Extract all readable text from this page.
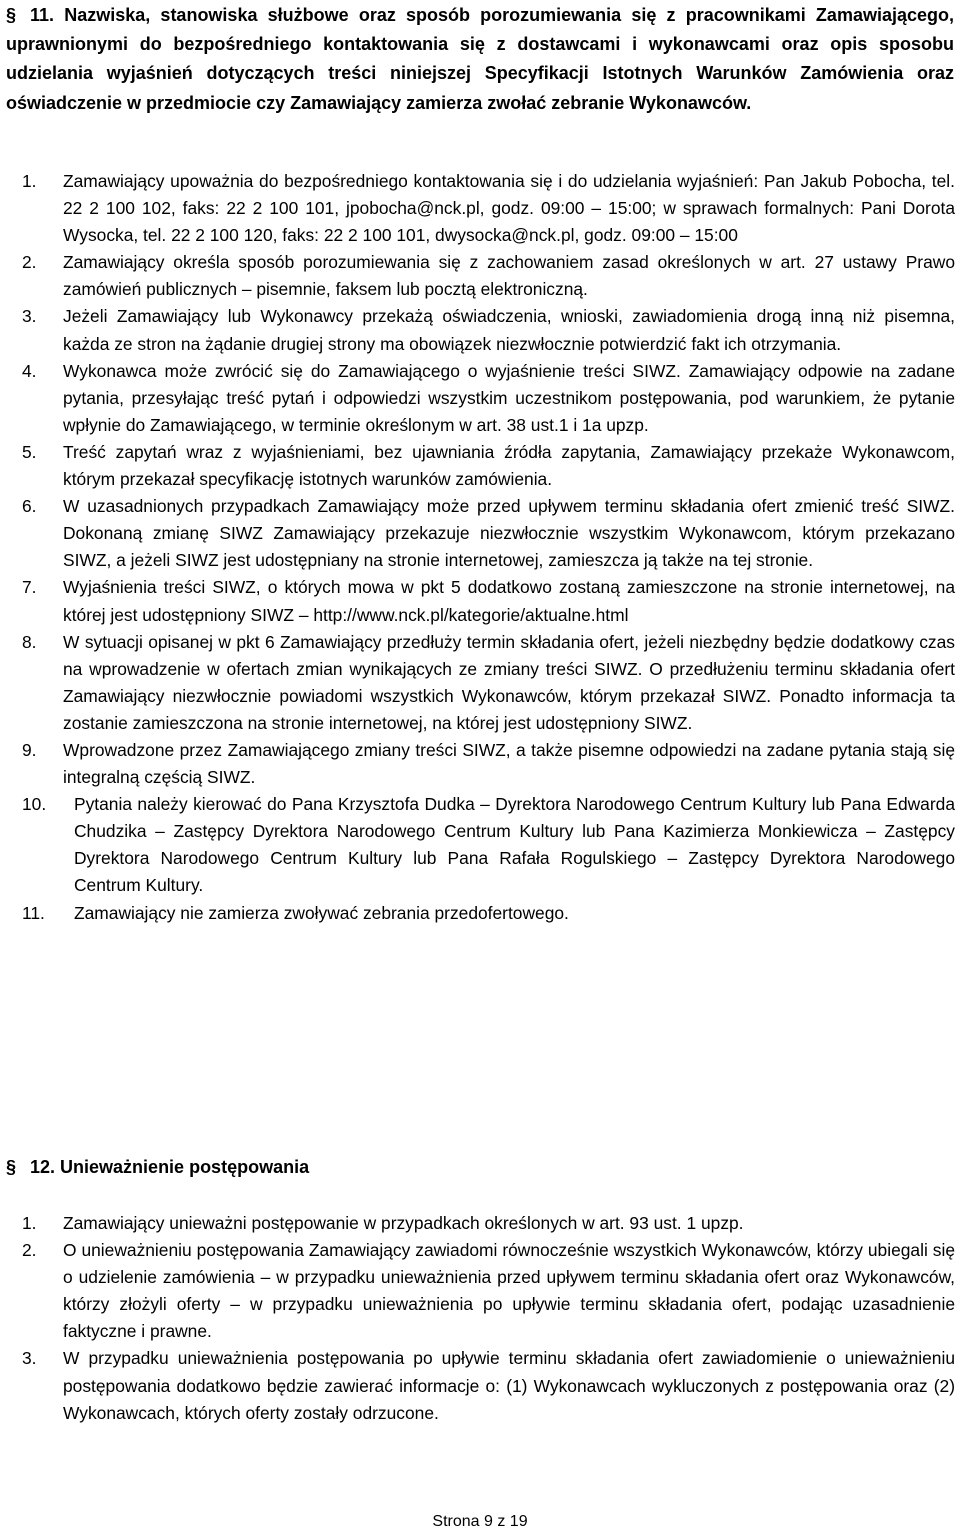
§ 11. Nazwiska, stanowiska służbowe oraz sposób porozumiewania się z pracownikami Zamawiającego, uprawnionymi do bezpośredniego kontaktowania się z dostawcami i wykonawcami oraz opis sposobu udzielania wyjaśnień dotyczących treści niniejszej Specyfikacji Istotnych Warunków Zamówienia oraz oświadczenie w przedmiocie czy Zamawiający zamierza zwołać zebranie Wykonawców.
1.	Zamawiający upoważnia do bezpośredniego kontaktowania się i do udzielania wyjaśnień: Pan Jakub Pobocha, tel. 22 2 100 102, faks: 22 2 100 101, jpobocha@nck.pl, godz. 09:00 – 15:00; w sprawach formalnych: Pani Dorota Wysocka, tel. 22 2 100 120, faks: 22 2 100 101, dwysocka@nck.pl, godz. 09:00 – 15:00
2.	Zamawiający określa sposób porozumiewania się z zachowaniem zasad określonych w art. 27 ustawy Prawo zamówień publicznych – pisemnie, faksem lub pocztą elektroniczną.
3.	Jeżeli Zamawiający lub Wykonawcy przekażą oświadczenia, wnioski, zawiadomienia drogą inną niż pisemna, każda ze stron na żądanie drugiej strony ma obowiązek niezwłocznie potwierdzić fakt ich otrzymania.
4.	Wykonawca może zwrócić się do Zamawiającego o wyjaśnienie treści SIWZ. Zamawiający odpowie na zadane pytania, przesyłając treść pytań i odpowiedzi wszystkim uczestnikom postępowania, pod warunkiem, że pytanie wpłynie do Zamawiającego, w terminie określonym w art. 38 ust.1 i 1a upzp.
5.	Treść zapytań wraz z wyjaśnieniami, bez ujawniania źródła zapytania, Zamawiający przekaże Wykonawcom, którym przekazał specyfikację istotnych warunków zamówienia.
6.	W uzasadnionych przypadkach Zamawiający może przed upływem terminu składania ofert zmienić treść SIWZ. Dokonaną zmianę SIWZ Zamawiający przekazuje niezwłocznie wszystkim Wykonawcom, którym przekazano SIWZ, a jeżeli SIWZ jest udostępniany na stronie internetowej, zamieszcza ją także na tej stronie.
7.	Wyjaśnienia treści SIWZ, o których mowa w pkt 5 dodatkowo zostaną zamieszczone na stronie internetowej, na której jest udostępniony SIWZ – http://www.nck.pl/kategorie/aktualne.html
8.	W sytuacji opisanej w pkt 6 Zamawiający przedłuży termin składania ofert, jeżeli niezbędny będzie dodatkowy czas na wprowadzenie w ofertach zmian wynikających ze zmiany treści SIWZ. O przedłużeniu terminu składania ofert Zamawiający niezwłocznie powiadomi wszystkich Wykonawców, którym przekazał SIWZ. Ponadto informacja ta zostanie zamieszczona na stronie internetowej, na której jest udostępniony SIWZ.
9.	Wprowadzone przez Zamawiającego zmiany treści SIWZ, a także pisemne odpowiedzi na zadane pytania stają się integralną częścią SIWZ.
10.	Pytania należy kierować do Pana Krzysztofa Dudka – Dyrektora Narodowego Centrum Kultury lub Pana Edwarda Chudzika – Zastępcy Dyrektora Narodowego Centrum Kultury lub Pana Kazimierza Monkiewicza – Zastępcy Dyrektora Narodowego Centrum Kultury lub Pana Rafała Rogulskiego – Zastępcy Dyrektora Narodowego Centrum Kultury.
11.	Zamawiający nie zamierza zwoływać zebrania przedofertowego.
§ 12. Unieważnienie postępowania
1.	Zamawiający unieważni postępowanie w przypadkach określonych w art. 93 ust. 1 upzp.
2.	O unieważnieniu postępowania Zamawiający zawiadomi równocześnie wszystkich Wykonawców, którzy ubiegali się o udzielenie zamówienia – w przypadku unieważnienia przed upływem terminu składania ofert oraz Wykonawców, którzy złożyli oferty – w przypadku unieważnienia po upływie terminu składania ofert, podając uzasadnienie faktyczne i prawne.
3.	W przypadku unieważnienia postępowania po upływie terminu składania ofert zawiadomienie o unieważnieniu postępowania dodatkowo będzie zawierać informacje o: (1) Wykonawcach wykluczonych z postępowania oraz (2) Wykonawcach, których oferty zostały odrzucone.
Strona 9 z 19
